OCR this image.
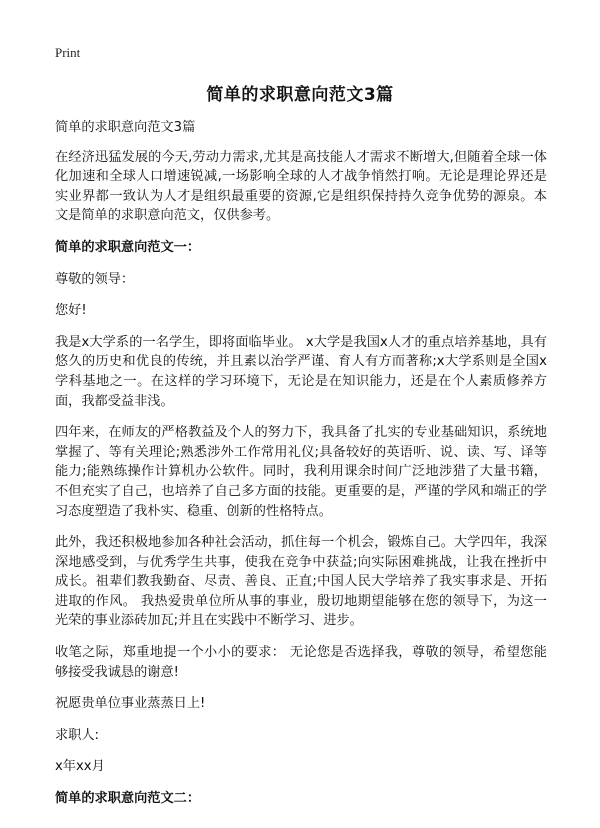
Print
简单的求职意向范文3篇

简单的求职意向范文3篇

在经济迅猛发展的今天,劳动力需求,尤其是高技能人才需求不断增大,但随着全球一体化加速和全球人口增速锐减,一场影响全球的人才战争悄然打响。无论是理论界还是实业界都一致认为人才是组织最重要的资源,它是组织保持持久竞争优势的源泉。本文是简单的求职意向范文，仅供参考。

简单的求职意向范文一：

尊敬的领导：

您好!

我是x大学系的一名学生，即将面临毕业。 x大学是我国x人才的重点培养基地，具有悠久的历史和优良的传统，并且素以治学严谨、育人有方而著称;x大学系则是全国x学科基地之一。在这样的学习环境下，无论是在知识能力，还是在个人素质修养方面，我都受益非浅。

四年来，在师友的严格教益及个人的努力下，我具备了扎实的专业基础知识，系统地掌握了、等有关理论;熟悉涉外工作常用礼仪;具备较好的英语听、说、读、写、译等能力;能熟练操作计算机办公软件。同时，我利用课余时间广泛地涉猎了大量书籍，不但充实了自己，也培养了自己多方面的技能。更重要的是，严谨的学风和端正的学习态度塑造了我朴实、稳重、创新的性格特点。

此外，我还积极地参加各种社会活动，抓住每一个机会，锻炼自己。大学四年，我深深地感受到，与优秀学生共事，使我在竞争中获益;向实际困难挑战，让我在挫折中成长。祖辈们教我勤奋、尽责、善良、正直;中国人民大学培养了我实事求是、开拓进取的作风。 我热爱贵单位所从事的事业，殷切地期望能够在您的领导下，为这一光荣的事业添砖加瓦;并且在实践中不断学习、进步。

收笔之际，郑重地提一个小小的要求： 无论您是否选择我，尊敬的领导，希望您能够接受我诚恳的谢意!

祝愿贵单位事业蒸蒸日上!

求职人:

x年xx月

简单的求职意向范文二：
